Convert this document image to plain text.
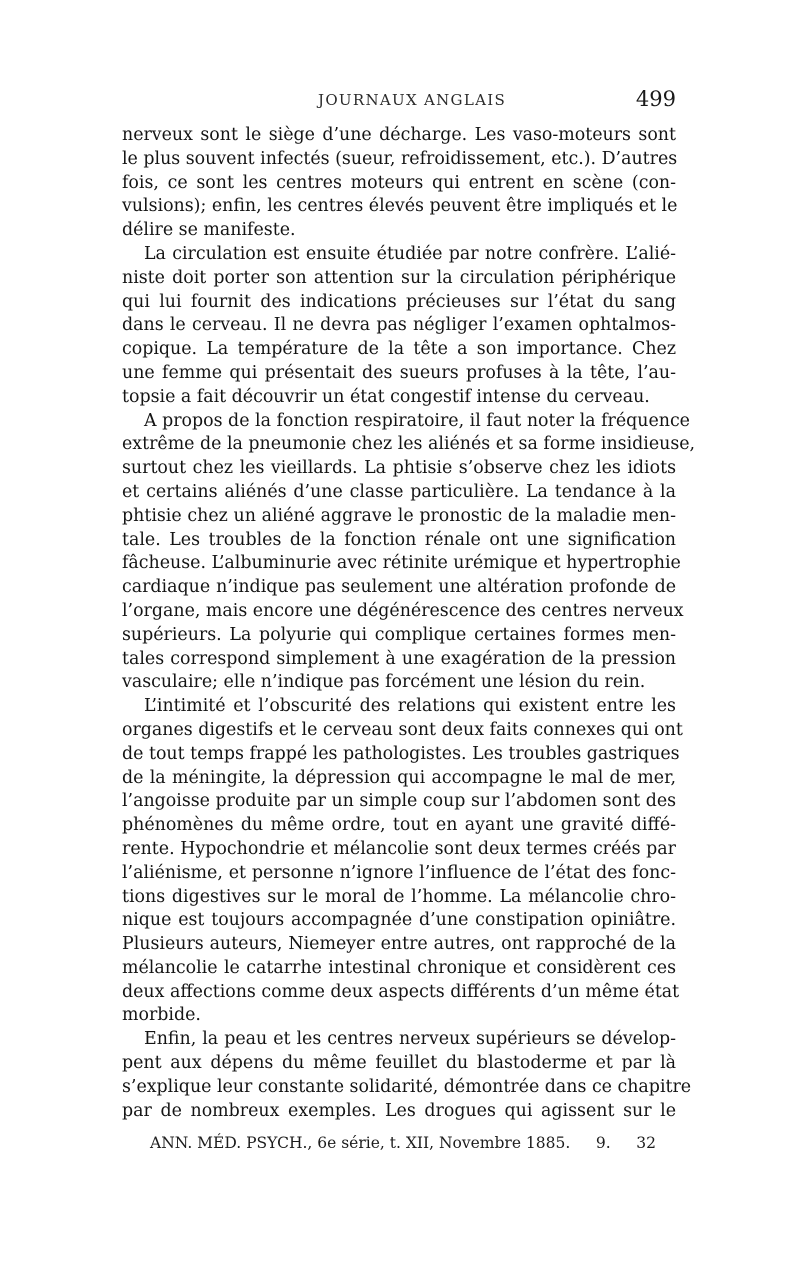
JOURNAUX ANGLAIS	499
nerveux sont le siège d’une décharge. Les vaso-moteurs sont
le plus souvent infectés (sueur, refroidissement, etc.). D’autres
fois, ce sont les centres moteurs qui entrent en scène (con-
vulsions); enfin, les centres élevés peuvent être impliqués et le
délire se manifeste.
La circulation est ensuite étudiée par notre confrère. L’alié-
niste doit porter son attention sur la circulation périphérique
qui lui fournit des indications précieuses sur l’état du sang
dans le cerveau. Il ne devra pas négliger l’examen ophtalmos-
copique. La température de la tête a son importance. Chez
une femme qui présentait des sueurs profuses à la tête, l’au-
topsie a fait découvrir un état congestif intense du cerveau.
A propos de la fonction respiratoire, il faut noter la fréquence
extrême de la pneumonie chez les aliénés et sa forme insidieuse,
surtout chez les vieillards. La phtisie s’observe chez les idiots
et certains aliénés d’une classe particulière. La tendance à la
phtisie chez un aliéné aggrave le pronostic de la maladie men-
tale. Les troubles de la fonction rénale ont une signification
fâcheuse. L’albuminurie avec rétinite urémique et hypertrophie
cardiaque n’indique pas seulement une altération profonde de
l’organe, mais encore une dégénérescence des centres nerveux
supérieurs. La polyurie qui complique certaines formes men-
tales correspond simplement à une exagération de la pression
vasculaire; elle n’indique pas forcément une lésion du rein.
L’intimité et l’obscurité des relations qui existent entre les
organes digestifs et le cerveau sont deux faits connexes qui ont
de tout temps frappé les pathologistes. Les troubles gastriques
de la méningite, la dépression qui accompagne le mal de mer,
l’angoisse produite par un simple coup sur l’abdomen sont des
phénomènes du même ordre, tout en ayant une gravité diffé-
rente. Hypochondrie et mélancolie sont deux termes créés par
l’aliénisme, et personne n’ignore l’influence de l’état des fonc-
tions digestives sur le moral de l’homme. La mélancolie chro-
nique est toujours accompagnée d’une constipation opiniâtre.
Plusieurs auteurs, Niemeyer entre autres, ont rapproché de la
mélancolie le catarrhe intestinal chronique et considèrent ces
deux affections comme deux aspects différents d’un même état
morbide.
Enfin, la peau et les centres nerveux supérieurs se dévelop-
pent aux dépens du même feuillet du blastoderme et par là
s’explique leur constante solidarité, démontrée dans ce chapitre
par de nombreux exemples. Les drogues qui agissent sur le
ANN. MÉD. PSYCH., 6e série, t. XII, Novembre 1885. 9. 32
